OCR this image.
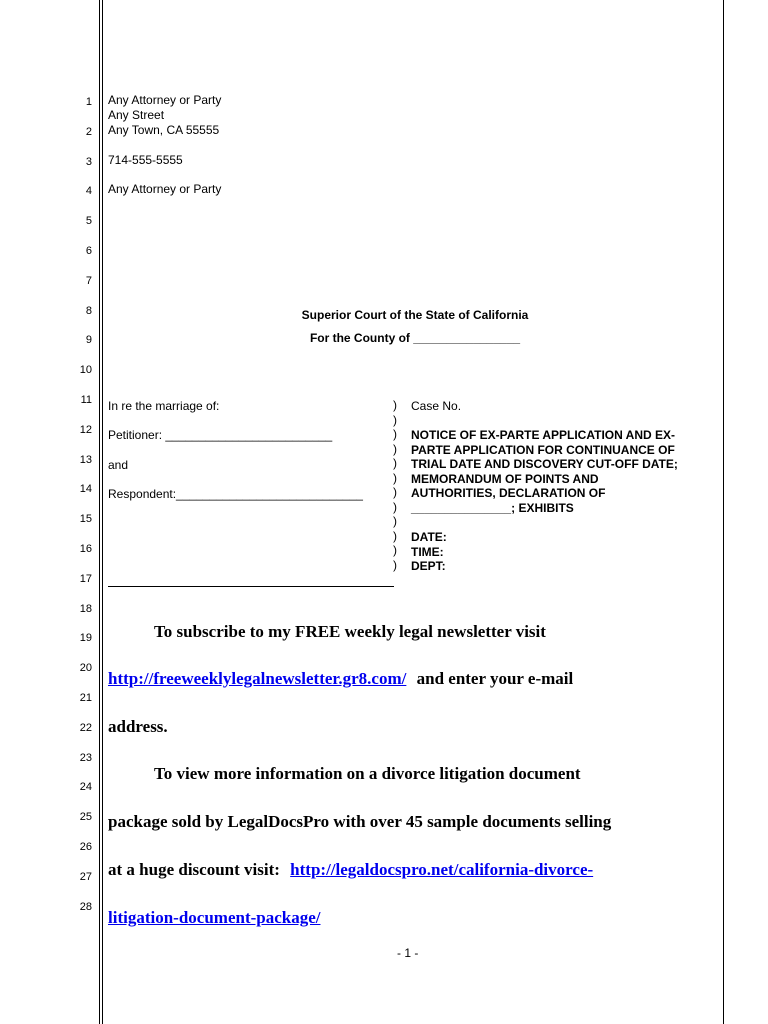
1
2
3
4
5
6
7
8
9
10
11
12
13
14
15
16
17
18
19
20
21
22
23
24
25
26
27
28
Any Attorney or Party
Any Street
Any Town, CA 55555
714-555-5555
Any Attorney or Party
Superior Court of the State of California
For the County of ________________
In re the marriage of:
Petitioner: _________________________
and
Respondent:____________________________
)
)
)
)
)
)
)
)
)
)
)
)
Case No.
NOTICE OF EX-PARTE APPLICATION AND EX-
PARTE APPLICATION FOR CONTINUANCE OF
TRIAL DATE AND DISCOVERY CUT-OFF DATE;
MEMORANDUM OF POINTS AND
AUTHORITIES, DECLARATION OF
_______________; EXHIBITS
DATE:
TIME:
DEPT:
To subscribe to my FREE weekly legal newsletter visit
http://freeweeklylegalnewsletter.gr8.com/ and enter your e-mail
address.
To view more information on a divorce litigation document
package sold by LegalDocsPro with over 45 sample documents selling
at a huge discount visit: http://legaldocspro.net/california-divorce-
litigation-document-package/
- 1 -
